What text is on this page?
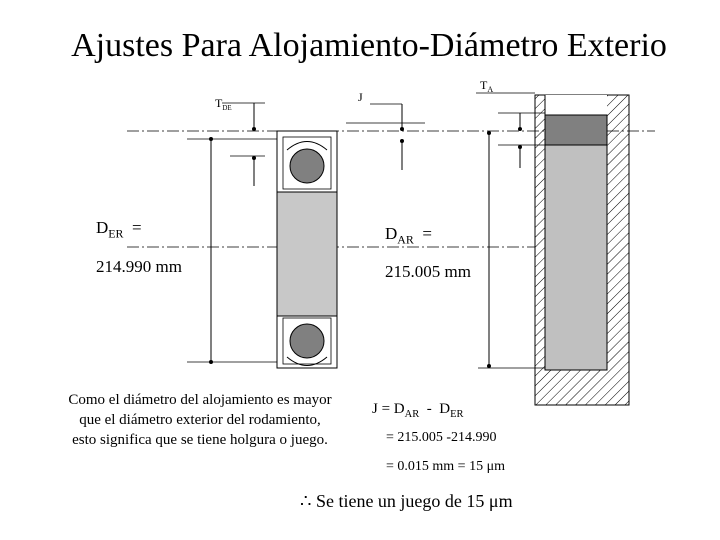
Ajustes Para Alojamiento-Diámetro Exterio
$T_{DE}$
J
$T_A$
$D_{ER}$ =
214.990 mm
$D_{AR}$ =
215.005 mm
Como el diámetro del alojamiento es mayor
que el diámetro exterior del rodamiento,
esto significa que se tiene holgura o juego.
$J = D_{AR} - D_{ER}$
= 215.005 -214.990
= 0.015 mm = 15 μm
∴ Se tiene un juego de 15 μm
